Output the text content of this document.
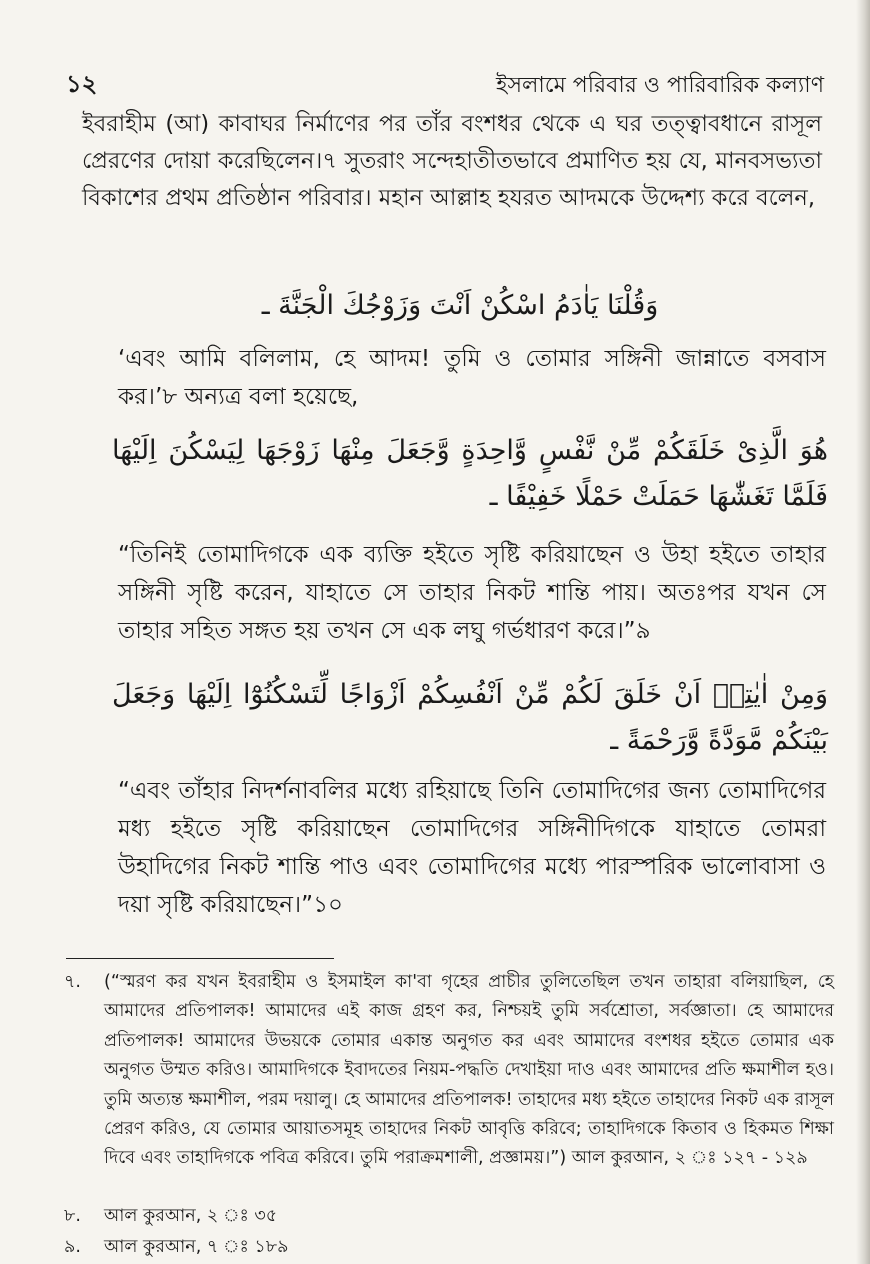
১২	ইসলামে পরিবার ও পারিবারিক কল্যাণ
ইবরাহীম (আ) কাবাঘর নির্মাণের পর তাঁর বংশধর থেকে এ ঘর তত্ত্বাবধানে রাসূল প্রেরণের দোয়া করেছিলেন।৭ সুতরাং সন্দেহাতীতভাবে প্রমাণিত হয় যে, মানবসভ্যতা বিকাশের প্রথম প্রতিষ্ঠান পরিবার। মহান আল্লাহ হযরত আদমকে উদ্দেশ্য করে বলেন,
وَقُلْنَا يَاٰدَمُ اسْكُنْ اَنْتَ وَزَوْجُكَ الْجَنَّةَ ـ
‘এবং আমি বলিলাম, হে আদম! তুমি ও তোমার সঙ্গিনী জান্নাতে বসবাস কর।’৮ অন্যত্র বলা হয়েছে,
هُوَ الَّذِىْ خَلَقَكُمْ مِّنْ نَّفْسٍ وَّاحِدَةٍ وَّجَعَلَ مِنْهَا زَوْجَهَا لِيَسْكُنَ اِلَيْهَا فَلَمَّا تَغَشّٰهَا حَمَلَتْ حَمْلًا خَفِيْفًا ـ
“তিনিই তোমাদিগকে এক ব্যক্তি হইতে সৃষ্টি করিয়াছেন ও উহা হইতে তাহার সঙ্গিনী সৃষ্টি করেন, যাহাতে সে তাহার নিকট শান্তি পায়। অতঃপর যখন সে তাহার সহিত সঙ্গত হয় তখন সে এক লঘু গর্ভধারণ করে।”৯
وَمِنْ اٰيٰتِهٖ اَنْ خَلَقَ لَكُمْ مِّنْ اَنْفُسِكُمْ اَزْوَاجًا لِّتَسْكُنُوْٓا اِلَيْهَا وَجَعَلَ بَيْنَكُمْ مَّوَدَّةً وَّرَحْمَةً ـ
“এবং তাঁহার নিদর্শনাবলির মধ্যে রহিয়াছে তিনি তোমাদিগের জন্য তোমাদিগের মধ্য হইতে সৃষ্টি করিয়াছেন তোমাদিগের সঙ্গিনীদিগকে যাহাতে তোমরা উহাদিগের নিকট শান্তি পাও এবং তোমাদিগের মধ্যে পারস্পরিক ভালোবাসা ও দয়া সৃষ্টি করিয়াছেন।”১০
৭.	(“স্মরণ কর যখন ইবরাহীম ও ইসমাইল কা'বা গৃহের প্রাচীর তুলিতেছিল তখন তাহারা বলিয়াছিল, হে আমাদের প্রতিপালক! আমাদের এই কাজ গ্রহণ কর, নিশ্চয়ই তুমি সর্বশ্রোতা, সর্বজ্ঞাতা। হে আমাদের প্রতিপালক! আমাদের উভয়কে তোমার একান্ত অনুগত কর এবং আমাদের বংশধর হইতে তোমার এক অনুগত উম্মত করিও। আমাদিগকে ইবাদতের নিয়ম-পদ্ধতি দেখাইয়া দাও এবং আমাদের প্রতি ক্ষমাশীল হও। তুমি অত্যন্ত ক্ষমাশীল, পরম দয়ালু। হে আমাদের প্রতিপালক! তাহাদের মধ্য হইতে তাহাদের নিকট এক রাসূল প্রেরণ করিও, যে তোমার আয়াতসমূহ তাহাদের নিকট আবৃত্তি করিবে; তাহাদিগকে কিতাব ও হিকমত শিক্ষা দিবে এবং তাহাদিগকে পবিত্র করিবে। তুমি পরাক্রমশালী, প্রজ্ঞাময়।”) আল কুরআন, ২ ঃ ১২৭ - ১২৯
৮.	আল কুরআন, ২ ঃ ৩৫
৯.	আল কুরআন, ৭ ঃ ১৮৯
